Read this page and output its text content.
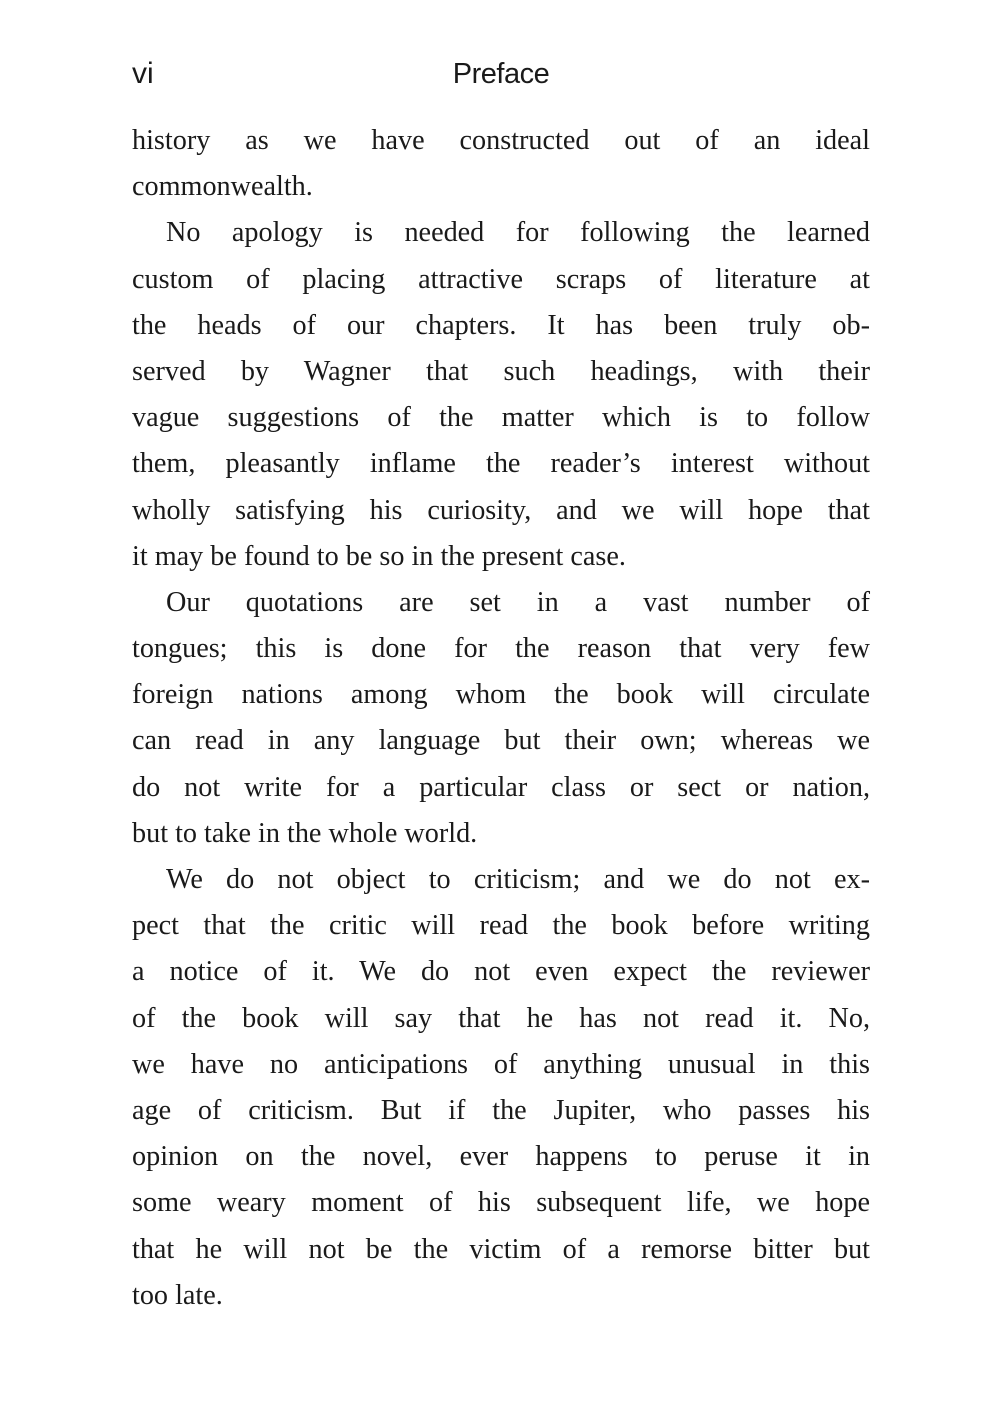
vi	Preface
history as we have constructed out of an ideal
commonwealth.
No apology is needed for following the learned
custom of placing attractive scraps of literature at
the heads of our chapters. It has been truly ob-
served by Wagner that such headings, with their
vague suggestions of the matter which is to follow
them, pleasantly inflame the reader’s interest without
wholly satisfying his curiosity, and we will hope that
it may be found to be so in the present case.
Our quotations are set in a vast number of
tongues; this is done for the reason that very few
foreign nations among whom the book will circulate
can read in any language but their own; whereas we
do not write for a particular class or sect or nation,
but to take in the whole world.
We do not object to criticism; and we do not ex-
pect that the critic will read the book before writing
a notice of it. We do not even expect the reviewer
of the book will say that he has not read it. No,
we have no anticipations of anything unusual in this
age of criticism. But if the Jupiter, who passes his
opinion on the novel, ever happens to peruse it in
some weary moment of his subsequent life, we hope
that he will not be the victim of a remorse bitter but
too late.
